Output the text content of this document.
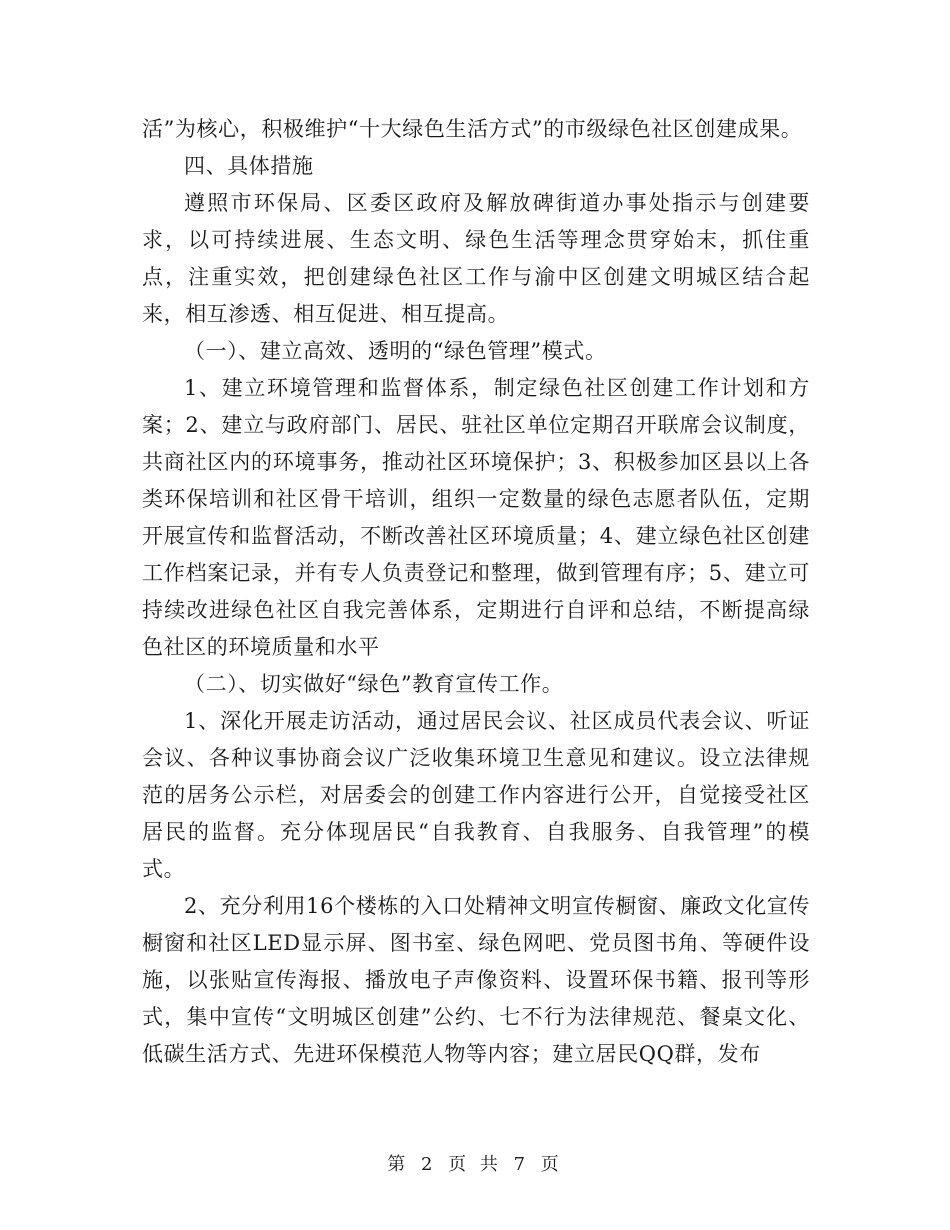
活”为核心，积极维护“十大绿色生活方式”的市级绿色社区创建成果。

四、具体措施

遵照市环保局、区委区政府及解放碑街道办事处指示与创建要求，以可持续进展、生态文明、绿色生活等理念贯穿始末，抓住重点，注重实效，把创建绿色社区工作与渝中区创建文明城区结合起来，相互渗透、相互促进、相互提高。

（一）、建立高效、透明的“绿色管理”模式。

1、建立环境管理和监督体系，制定绿色社区创建工作计划和方案；2、建立与政府部门、居民、驻社区单位定期召开联席会议制度，共商社区内的环境事务，推动社区环境保护；3、积极参加区县以上各类环保培训和社区骨干培训，组织一定数量的绿色志愿者队伍，定期开展宣传和监督活动，不断改善社区环境质量；4、建立绿色社区创建工作档案记录，并有专人负责登记和整理，做到管理有序；5、建立可持续改进绿色社区自我完善体系，定期进行自评和总结，不断提高绿色社区的环境质量和水平

（二）、切实做好“绿色”教育宣传工作。

1、深化开展走访活动，通过居民会议、社区成员代表会议、听证会议、各种议事协商会议广泛收集环境卫生意见和建议。设立法律规范的居务公示栏，对居委会的创建工作内容进行公开，自觉接受社区居民的监督。充分体现居民“自我教育、自我服务、自我管理”的模式。

2、充分利用16个楼栋的入口处精神文明宣传橱窗、廉政文化宣传橱窗和社区LED显示屏、图书室、绿色网吧、党员图书角、等硬件设施，以张贴宣传海报、播放电子声像资料、设置环保书籍、报刊等形式，集中宣传“文明城区创建”公约、七不行为法律规范、餐桌文化、低碳生活方式、先进环保模范人物等内容；建立居民QQ群，发布

第 2 页 共 7 页
